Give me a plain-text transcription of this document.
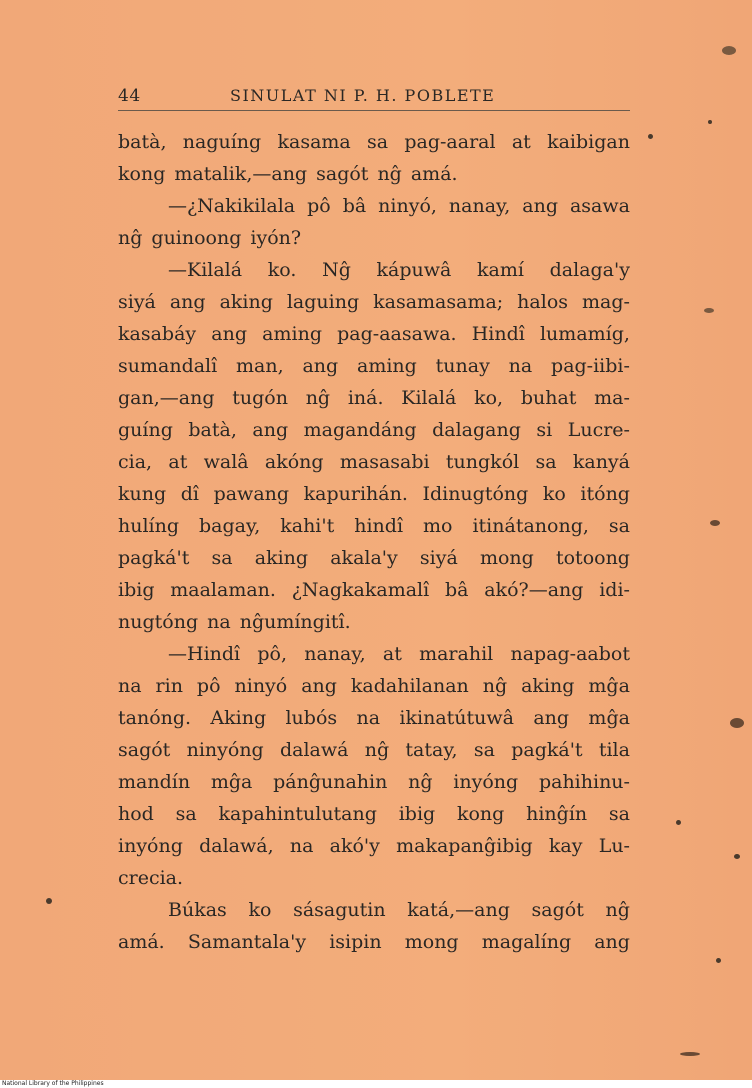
44	SINULAT NI P. H. POBLETE
batà, naguíng kasama sa pag-aaral at kaibigan
kong matalik,—ang sagót nĝ amá.
—¿Nakikilala pô bâ ninyó, nanay, ang asawa
nĝ guinoong iyón?
—Kilalá ko. Nĝ kápuwâ kamí dalaga'y
siyá ang aking laguing kasamasama; halos mag-
kasabáy ang aming pag-aasawa. Hindî lumamíg,
sumandalî man, ang aming tunay na pag-iibi-
gan,—ang tugón nĝ iná. Kilalá ko, buhat ma-
guíng batà, ang magandáng dalagang si Lucre-
cia, at walâ akóng masasabi tungkól sa kanyá
kung dî pawang kapurihán. Idinugtóng ko itóng
hulíng bagay, kahi't hindî mo itinátanong, sa
pagká't sa aking akala'y siyá mong totoong
ibig maalaman. ¿Nagkakamalî bâ akó?—ang idi-
nugtóng na nĝumíngitî.
—Hindî pô, nanay, at marahil napag-aabot
na rin pô ninyó ang kadahilanan nĝ aking mĝa
tanóng. Aking lubós na ikinatútuwâ ang mĝa
sagót ninyóng dalawá nĝ tatay, sa pagká't tila
mandín mĝa pánĝunahin nĝ inyóng pahihinu-
hod sa kapahintulutang ibig kong hinĝín sa
inyóng dalawá, na akó'y makapanĝibig kay Lu-
crecia.
Búkas ko sásagutin katá,—ang sagót nĝ
amá. Samantala'y isipin mong magalíng ang
National Library of the Philippines
